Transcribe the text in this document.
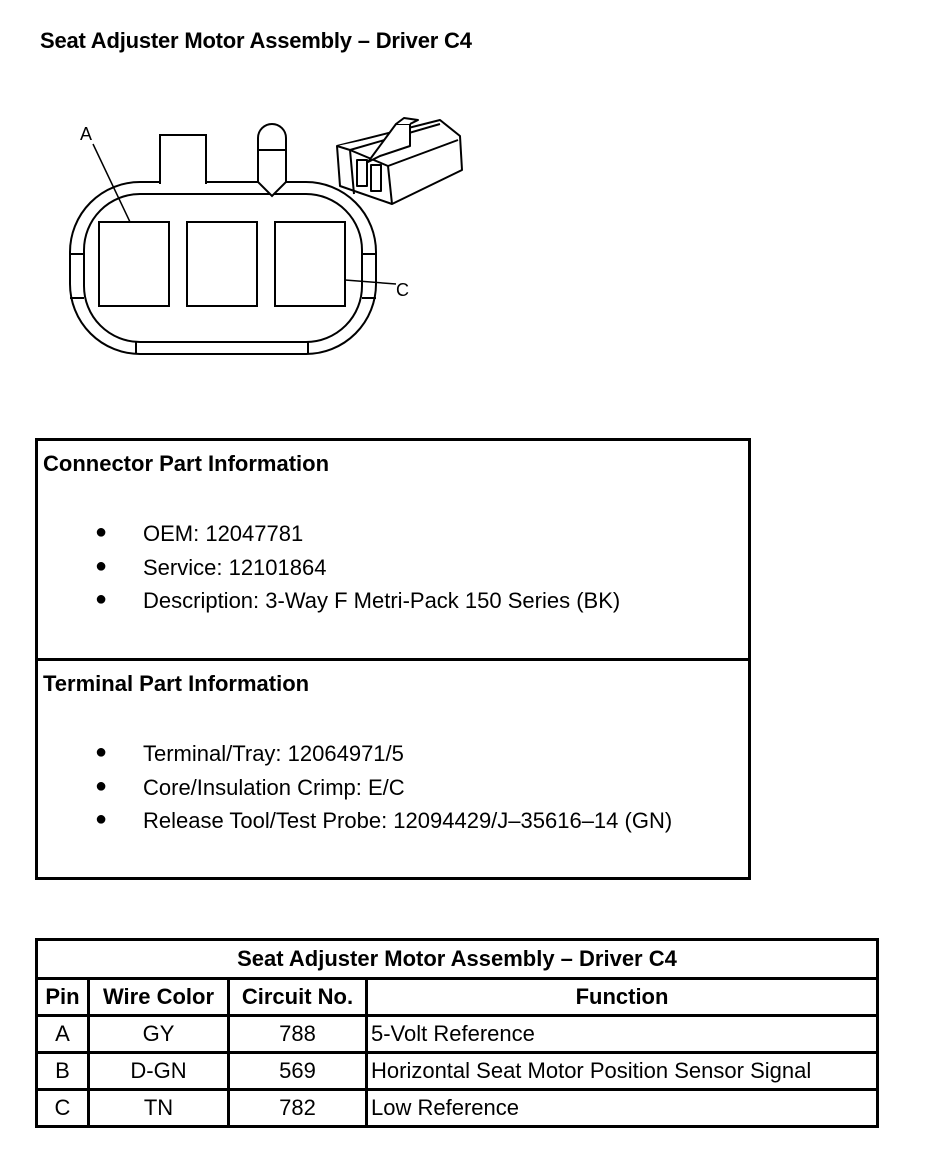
Seat Adjuster Motor Assembly – Driver C4
A
C
Connector Part Information
● OEM: 12047781
● Service: 12101864
● Description: 3-Way F Metri-Pack 150 Series (BK)
Terminal Part Information
● Terminal/Tray: 12064971/5
● Core/Insulation Crimp: E/C
● Release Tool/Test Probe: 12094429/J–35616–14 (GN)
Seat Adjuster Motor Assembly – Driver C4			
Pin	Wire Color	Circuit No.	Function
A	GY	788	5-Volt Reference
B	D-GN	569	Horizontal Seat Motor Position Sensor Signal
C	TN	782	Low Reference
